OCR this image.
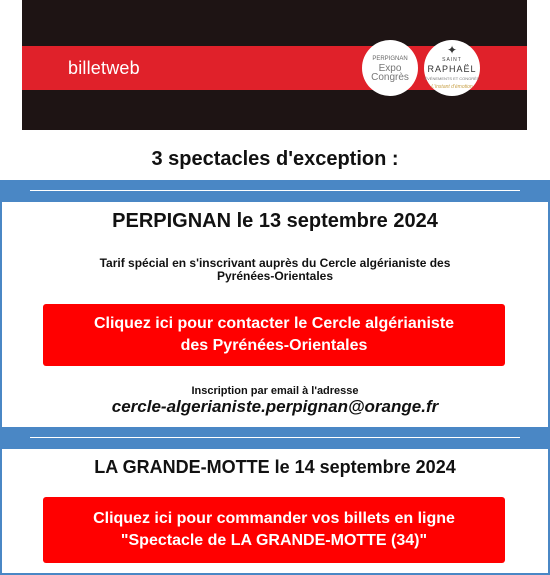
billetweb	PERPIGNAN
Expo
Congrès
✦
SAINT
RAPHAËL
ÉVÉNEMENTS ET CONGRÈS
L'instant d'émotion
3 spectacles d'exception :
PERPIGNAN le 13 septembre 2024
Tarif spécial en s'inscrivant auprès du Cercle algérianiste des
Pyrénées-Orientales
Cliquez ici pour contacter le Cercle algérianiste
des Pyrénées-Orientales
Inscription par email à l'adresse
cercle-algerianiste.perpignan@orange.fr
LA GRANDE-MOTTE le 14 septembre 2024
Cliquez ici pour commander vos billets en ligne
"Spectacle de LA GRANDE-MOTTE (34)"
